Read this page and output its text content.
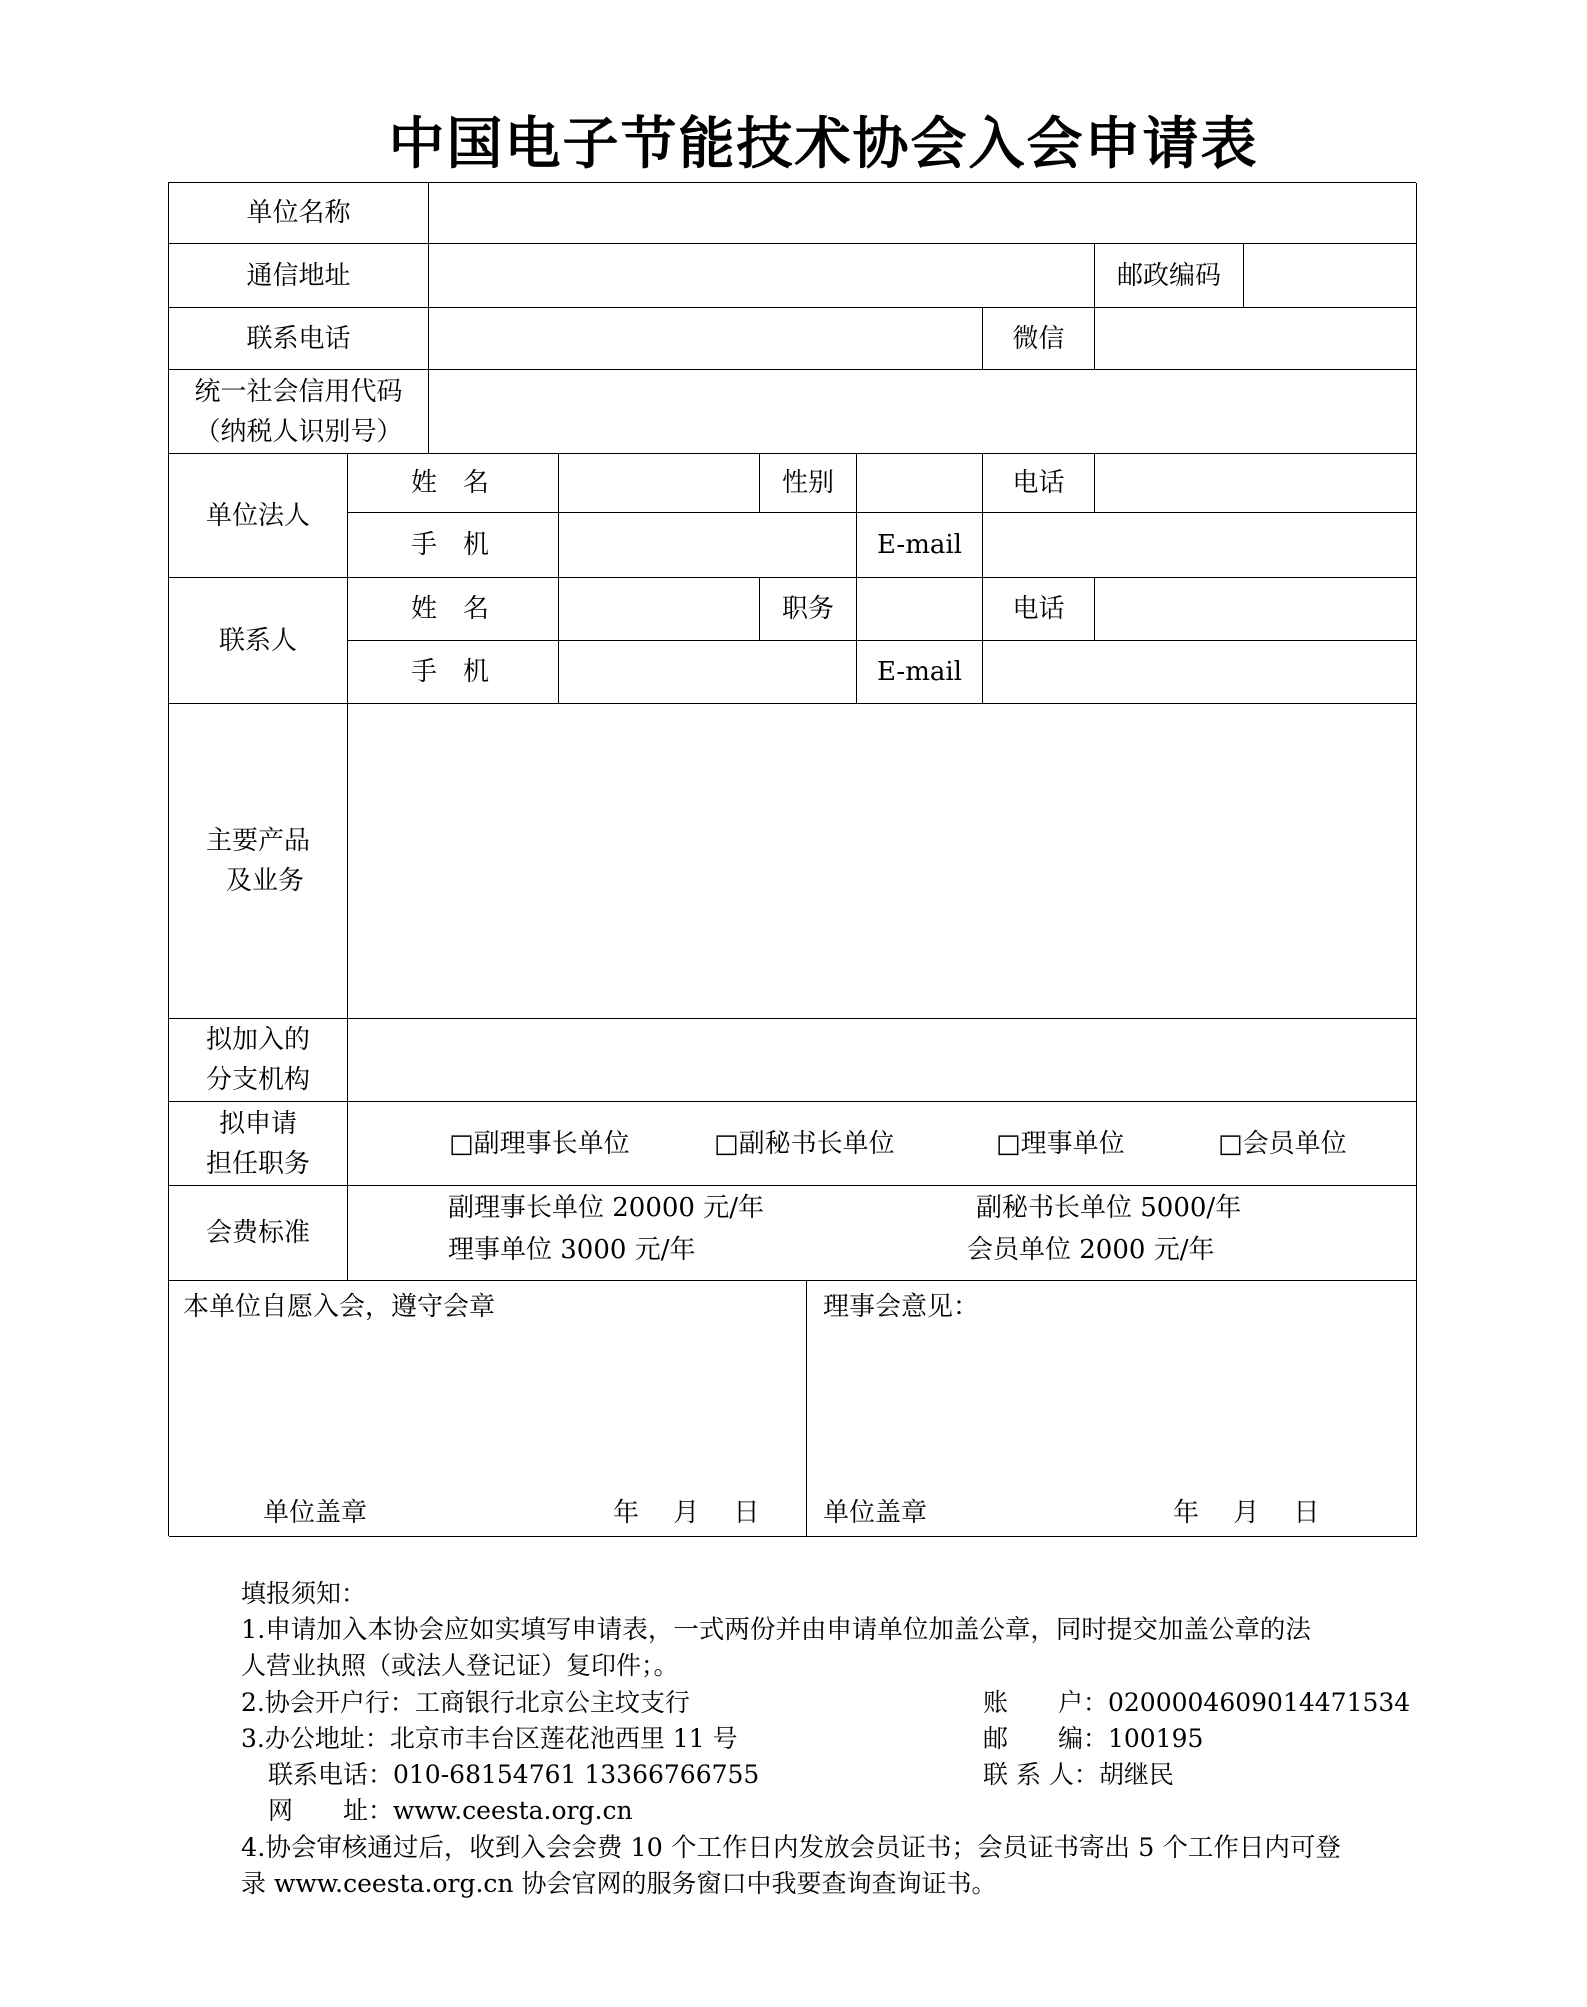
中国电子节能技术协会入会申请表
单位名称
通信地址	邮政编码
联系电话	微信
统一社会信用代码
（纳税人识别号）
单位法人
姓　名	性别	电话
手　机	E-mail
联系人
姓　名	职务	电话
手　机	E-mail
主要产品
及业务
拟加入的
分支机构
拟申请
担任职务
□副理事长单位	□副秘书长单位	□理事单位	□会员单位
会费标准
副理事长单位 20000 元/年	副秘书长单位 5000/年
理事单位 3000 元/年	会员单位 2000 元/年
本单位自愿入会，遵守会章
单位盖章	年　 月　 日
理事会意见：
单位盖章	年　 月　 日
填报须知：
1.申请加入本协会应如实填写申请表，一式两份并由申请单位加盖公章，同时提交加盖公章的法
人营业执照（或法人登记证）复印件；。
2.协会开户行：工商银行北京公主坟支行	账　　户：0200004609014471534
3.办公地址：北京市丰台区莲花池西里 11 号	邮　　编：100195
联系电话：010-68154761 13366766755	联 系 人：胡继民
网　　址：www.ceesta.org.cn
4.协会审核通过后，收到入会会费 10 个工作日内发放会员证书；会员证书寄出 5 个工作日内可登
录 www.ceesta.org.cn 协会官网的服务窗口中我要查询查询证书。
